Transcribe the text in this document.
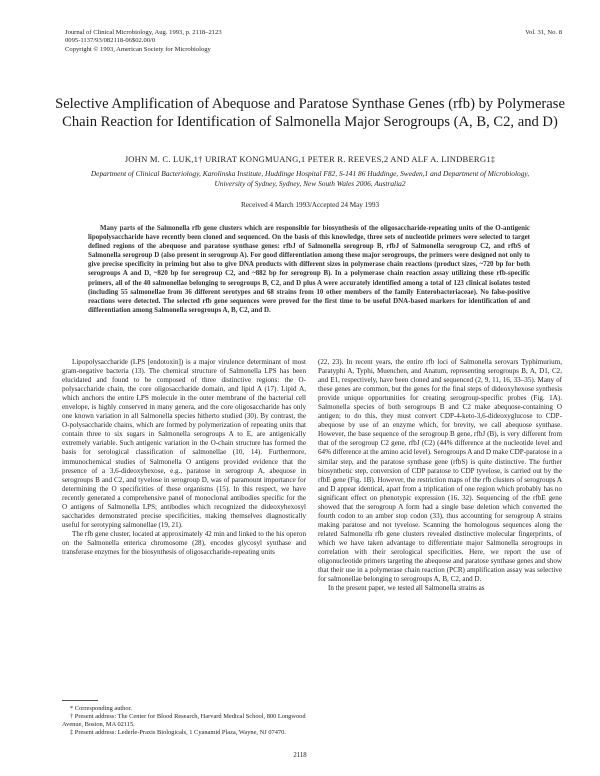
Journal of Clinical Microbiology, Aug. 1993, p. 2118–2123
0095-1137/93/082118-06$02.00/0
Copyright © 1993, American Society for Microbiology
Vol. 31, No. 8
Selective Amplification of Abequose and Paratose Synthase Genes (rfb) by Polymerase Chain Reaction for Identification of Salmonella Major Serogroups (A, B, C2, and D)
JOHN M. C. LUK,1† URIRAT KONGMUANG,1 PETER R. REEVES,2 AND ALF A. LINDBERG1‡
Department of Clinical Bacteriology, Karolinska Institute, Huddinge Hospital F82, S-141 86 Huddinge, Sweden,1 and Department of Microbiology, University of Sydney, Sydney, New South Wales 2006, Australia2
Received 4 March 1993/Accepted 24 May 1993
Many parts of the Salmonella rfb gene clusters which are responsible for biosynthesis of the oligosaccharide-repeating units of the O-antigenic lipopolysaccharide have recently been cloned and sequenced. On the basis of this knowledge, three sets of nucleotide primers were selected to target defined regions of the abequose and paratose synthase genes: rfbJ of Salmonella serogroup B, rfbJ of Salmonella serogroup C2, and rfbS of Salmonella serogroup D (also present in serogroup A). For good differentiation among these major serogroups, the primers were designed not only to give precise specificity in priming but also to give DNA products with different sizes in polymerase chain reactions (product sizes, ~720 bp for both serogroups A and D, ~820 bp for serogroup C2, and ~882 bp for serogroup B). In a polymerase chain reaction assay utilizing these rfb-specific primers, all of the 40 salmonellae belonging to serogroups B, C2, and D plus A were accurately identified among a total of 123 clinical isolates tested (including 55 salmonellae from 36 different serotypes and 68 strains from 10 other members of the family Enterobacteriaceae). No false-positive reactions were detected. The selected rfb gene sequences were proved for the first time to be useful DNA-based markers for identification of and differentiation among Salmonella serogroups A, B, C2, and D.

Lipopolysaccharide (LPS [endotoxin]) is a major virulence determinant of most gram-negative bacteria (13). The chemical structure of Salmonella LPS has been elucidated and found to be composed of three distinctive regions: the O-polysaccharide chain, the core oligosaccharide domain, and lipid A (17). Lipid A, which anchors the entire LPS molecule in the outer membrane of the bacterial cell envelope, is highly conserved in many genera, and the core oligosaccharide has only one known variation in all Salmonella species hitherto studied (30). By contrast, the O-polysaccharide chains, which are formed by polymerization of repeating units that contain three to six sugars in Salmonella serogroups A to E, are antigenically extremely variable. Such antigenic variation in the O-chain structure has formed the basis for serological classification of salmonellae (10, 14). Furthermore, immunochemical studies of Salmonella O antigens provided evidence that the presence of a 3,6-dideoxyhexose, e.g., paratose in serogroup A, abequose in serogroups B and C2, and tyvelose in serogroup D, was of paramount importance for determining the O specificities of these organisms (15). In this respect, we have recently generated a comprehensive panel of monoclonal antibodies specific for the O antigens of Salmonella LPS; antibodies which recognized the dideoxyhexosyl saccharides demonstrated precise specificities, making themselves diagnostically useful for serotyping salmonellae (19, 21).

The rfb gene cluster, located at approximately 42 min and linked to the his operon on the Salmonella enterica chromosome (28), encodes glycosyl synthase and transferase enzymes for the biosynthesis of oligosaccharide-repeating units

(22, 23). In recent years, the entire rfb loci of Salmonella serovars Typhimurium, Paratyphi A, Typhi, Muenchen, and Anatum, representing serogroups B, A, D1, C2, and E1, respectively, have been cloned and sequenced (2, 9, 11, 16, 33–35). Many of these genes are common, but the genes for the final steps of dideoxyhexose synthesis provide unique opportunities for creating serogroup-specific probes (Fig. 1A). Salmonella species of both serogroups B and C2 make abequose-containing O antigen; to do this, they must convert CDP-4-keto-3,6-dideoxyglucose to CDP-abequose by use of an enzyme which, for brevity, we call abequose synthase. However, the base sequence of the serogroup B gene, rfbJ (B), is very different from that of the serogroup C2 gene, rfbJ (C2) (44% difference at the nucleotide level and 64% difference at the amino acid level). Serogroups A and D make CDP-paratose in a similar step, and the paratose synthase gene (rfbS) is quite distinctive. The further biosynthetic step, conversion of CDP paratose to CDP tyvelose, is carried out by the rfbE gene (Fig. 1B). However, the restriction maps of the rfb clusters of serogroups A and D appear identical, apart from a triplication of one region which probably has no significant effect on phenotypic expression (16, 32). Sequencing of the rfbE gene showed that the serogroup A form had a single base deletion which converted the fourth codon to an amber stop codon (33), thus accounting for serogroup A strains making paratose and not tyvelose. Scanning the homologous sequences along the related Salmonella rfb gene clusters revealed distinctive molecular fingerprints, of which we have taken advantage to differentiate major Salmonella serogroups in correlation with their serological specificities. Here, we report the use of oligonucleotide primers targeting the abequose and paratose synthase genes and show that their use in a polymerase chain reaction (PCR) amplification assay was selective for salmonellae belonging to serogroups A, B, C2, and D.

In the present paper, we tested all Salmonella strains as

* Corresponding author.

† Present address: The Center for Blood Research, Harvard Medical School, 800 Longwood Avenue, Boston, MA 02115.

‡ Present address: Lederle-Praxis Biologicals, 1 Cyanamid Plaza, Wayne, NJ 07470.

2118
